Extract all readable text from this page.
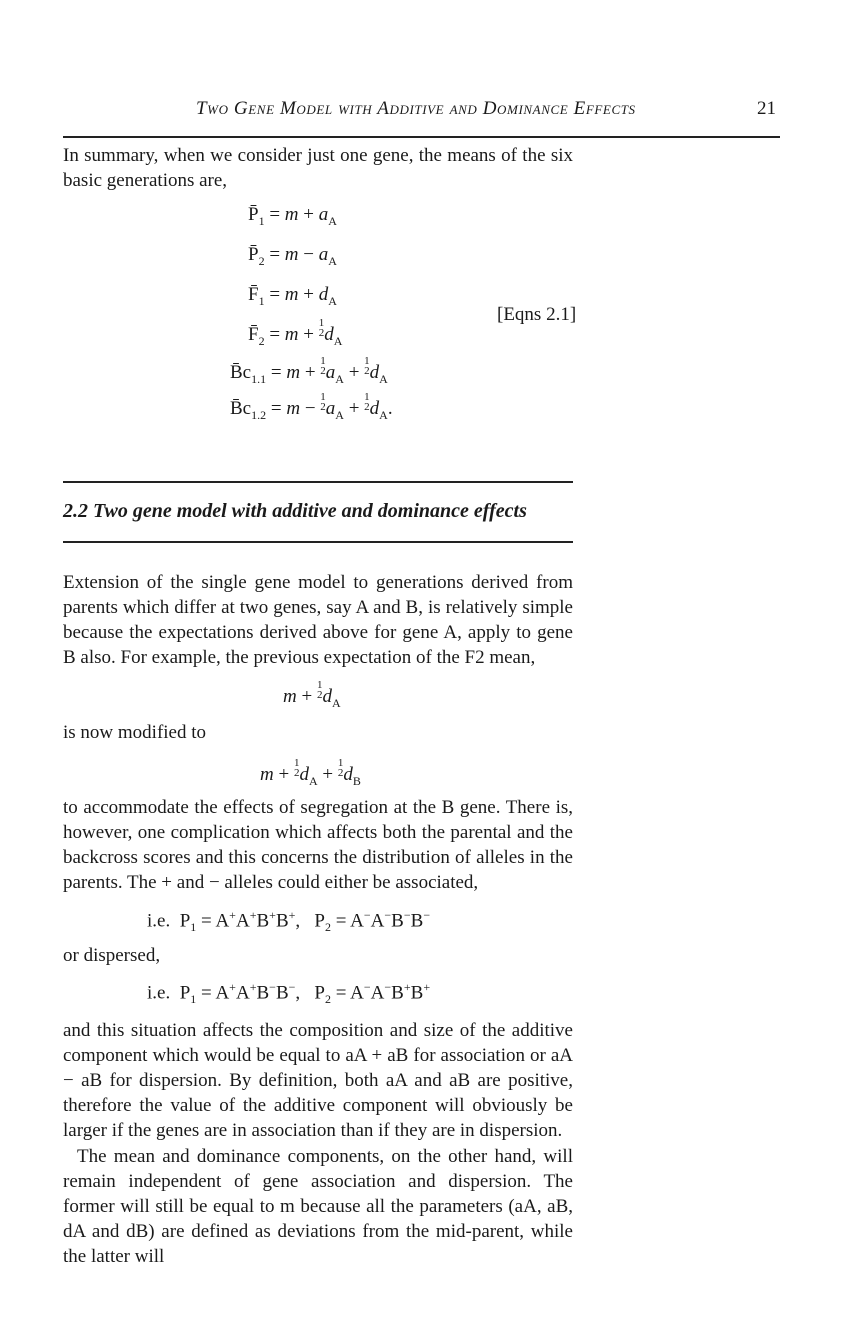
Two Gene Model with Additive and Dominance Effects	21
In summary, when we consider just one gene, the means of the six basic generations are,
$P̄_1 = m + a_A$
$P̄_2 = m - a_A$
$F̄_1 = m + d_A$
$F̄_2 = m$ +
1
2 $d_A$
$B̄c_{1.1} = m$ +
1
2 $a_A$ +
1
2 $d_A$
$B̄c_{1.2} = m$ −
1
2 $a_A$ +
1
2 $d_A$.
[Eqns 2.1]
2.2 Two gene model with additive and dominance effects
Extension of the single gene model to generations derived from parents which differ at two genes, say A and B, is relatively simple because the expectations derived above for gene A, apply to gene B also. For example, the previous expectation of the F2 mean,
m +
1
2 $d_A$
is now modified to
m +
1
2 $d_A$ +
1
2 $d_B$
to accommodate the effects of segregation at the B gene. There is, however, one complication which affects both the parental and the backcross scores and this concerns the distribution of alleles in the parents. The + and − alleles could either be associated,
i.e.  $P_1 = A^+A^+B^+B^+$,   $P_2 = A^-A^-B^-B^-$
or dispersed,
i.e.  $P_1 = A^+A^+B^-B^-$,   $P_2 = A^-A^-B^+B^+$
and this situation affects the composition and size of the additive component which would be equal to aA + aB for association or aA − aB for dispersion. By definition, both aA and aB are positive, therefore the value of the additive component will obviously be larger if the genes are in association than if they are in dispersion.
The mean and dominance components, on the other hand, will remain independent of gene association and dispersion. The former will still be equal to m because all the parameters (aA, aB, dA and dB) are defined as deviations from the mid-parent, while the latter will
